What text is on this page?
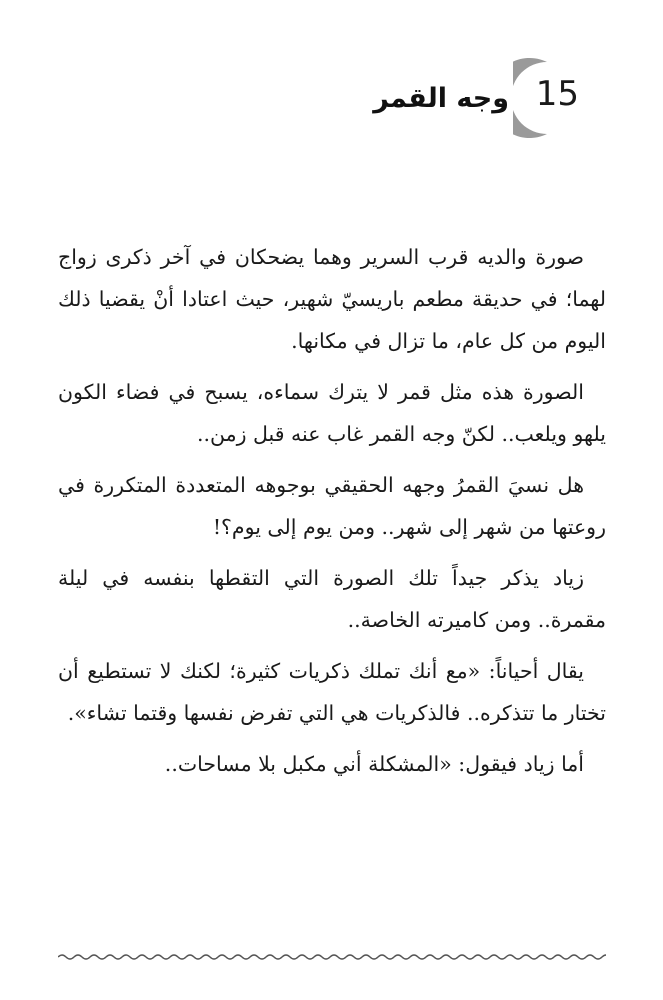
15
وجه القمر

صورة والديه قرب السرير وهما يضحكان في آخر ذكرى زواج لهما؛ في حديقة مطعم باريسيّ شهير، حيث اعتادا أنْ يقضيا ذلك اليوم من كل عام، ما تزال في مكانها.

الصورة هذه مثل قمر لا يترك سماءه، يسبح في فضاء الكون يلهو ويلعب.. لكنّ وجه القمر غاب عنه قبل زمن..

هل نسيَ القمرُ وجهه الحقيقي بوجوهه المتعددة المتكررة في روعتها من شهر إلى شهر.. ومن يوم إلى يوم؟!

زياد يذكر جيداً تلك الصورة التي التقطها بنفسه في ليلة مقمرة.. ومن كاميرته الخاصة..

يقال أحياناً: «مع أنك تملك ذكريات كثيرة؛ لكنك لا تستطيع أن تختار ما تتذكره.. فالذكريات هي التي تفرض نفسها وقتما تشاء».

أما زياد فيقول: «المشكلة أني مكبل بلا مساحات..
